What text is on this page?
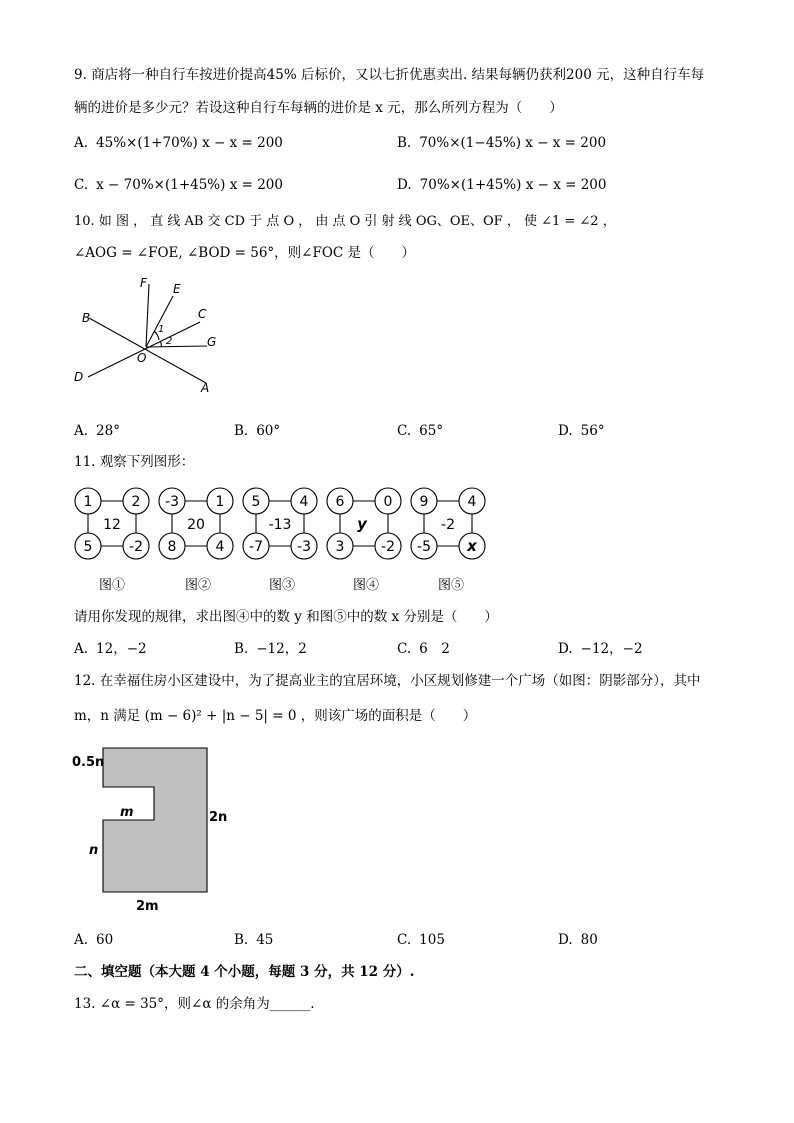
9. 商店将一种自行车按进价提高45% 后标价，又以七折优惠卖出. 结果每辆仍获利200 元，这种自行车每
辆的进价是多少元？若设这种自行车每辆的进价是 x 元，那么所列方程为（　　）
A. 45%×(1+70%) x − x = 200	B. 70%×(1−45%) x − x = 200
C. x − 70%×(1+45%) x = 200	D. 70%×(1+45%) x − x = 200
10. 如 图 ， 直 线 AB 交 CD 于 点 O ， 由 点 O 引 射 线 OG、OE、OF ， 使 ∠1 = ∠2 ，
∠AOG = ∠FOE, ∠BOD = 56°，则∠FOC 是（　　）
F E
C
B
G
O
D
A
1
2
A. 28°	B. 60°	C. 65°	D. 56°
11. 观察下列图形：
1	2
5	-2
12
-3	1
8	4
20
5	4
-7 -3
-13
6	0
3	-2
y
9	4
-5 x
-2
图①	图②	图③	图④	图⑤
请用你发现的规律，求出图④中的数 y 和图⑤中的数 x 分别是（　　）
A. 12，−2	B. −12，2	C. 6　2	D. −12，−2
12. 在幸福住房小区建设中，为了提高业主的宜居环境，小区规划修建一个广场（如图：阴影部分），其中
m，n 满足 (m − 6)² + |n − 5| = 0 ，则该广场的面积是（　　）
0.5n
m
n
2n
2m
A. 60	B. 45	C. 105	D. 80
二、填空题（本大题 4 个小题，每题 3 分，共 12 分）.
13. ∠α = 35°，则∠α 的余角为______.
